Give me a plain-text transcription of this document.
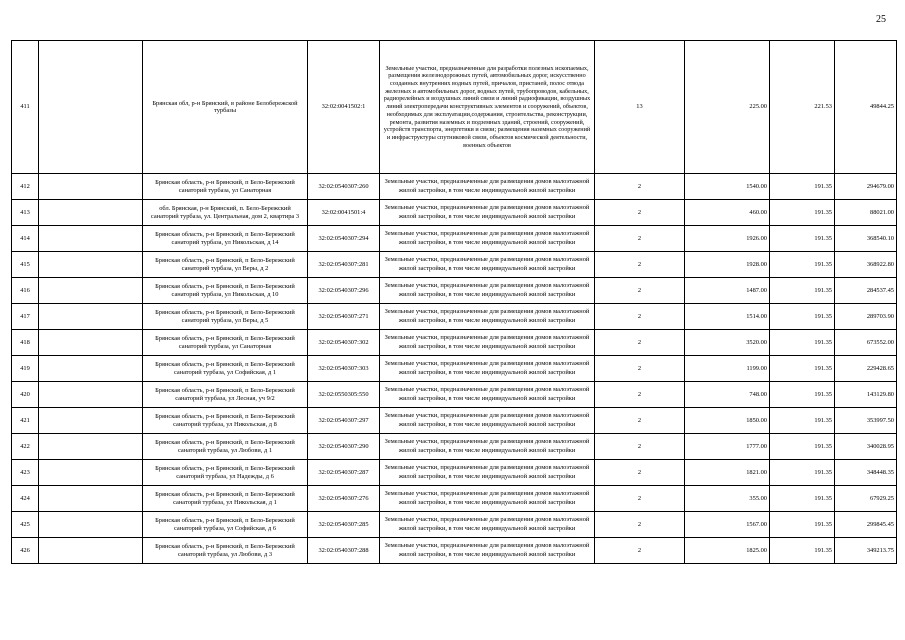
25
411		Брянская обл, р-н Брянский, в районе Белобережской турбазы	32:02:0041502:1	Земельные участки, предназначенные для разработки полезных ископаемых, размещения железнодорожных путей, автомобильных дорог, искусственно созданных внутренних водных путей, причалов, пристаней, полос отвода железных и автомобильных дорог, водных путей, трубопроводов, кабельных, радиорелейных и воздушных линий связи и линий радиофикации, воздушных линий электропередачи конструктивных элементов и сооружений, объектов, необходимых для эксплуатации,содержания, строительства, реконструкции, ремонта, развития наземных и подземных зданий, строений, сооружений, устройств транспорта, энергетики и связи; размещения наземных сооружений и инфраструктуры спутниковой связи, объектов космической деятельности, военных объектов	13	225.00	221.53	49844.25
412		Брянская область, р-н Брянский, п Бело-Бережский санаторий турбаза, ул Санаторная	32:02:0540307:260	Земельные участки, предназначенные для размещения домов малоэтажной жилой застройки, в том числе индивидуальной жилой застройки	2	1540.00	191.35	294679.00
413		обл. Брянская, р-н Брянский, п. Бело-Бережский санаторий турбаза, ул. Центральная, дом 2, квартира 3	32:02:0041501:4	Земельные участки, предназначенные для размещения домов малоэтажной жилой застройки, в том числе индивидуальной жилой застройки	2	460.00	191.35	88021.00
414		Брянская область, р-н Брянский, п Бело-Бережский санаторий турбаза, ул Никольская, д 14	32:02:0540307:294	Земельные участки, предназначенные для размещения домов малоэтажной жилой застройки, в том числе индивидуальной жилой застройки	2	1926.00	191.35	368540.10
415		Брянская область, р-н Брянский, п Бело-Бережский санаторий турбаза, ул Веры, д 2	32:02:0540307:281	Земельные участки, предназначенные для размещения домов малоэтажной жилой застройки, в том числе индивидуальной жилой застройки	2	1928.00	191.35	368922.80
416		Брянская область, р-н Брянский, п Бело-Бережский санаторий турбаза, ул Никольская, д 10	32:02:0540307:296	Земельные участки, предназначенные для размещения домов малоэтажной жилой застройки, в том числе индивидуальной жилой застройки	2	1487.00	191.35	284537.45
417		Брянская область, р-н Брянский, п Бело-Бережский санаторий турбаза, ул Веры, д 5	32:02:0540307:271	Земельные участки, предназначенные для размещения домов малоэтажной жилой застройки, в том числе индивидуальной жилой застройки	2	1514.00	191.35	289703.90
418		Брянская область, р-н Брянский, п Бело-Бережский санаторий турбаза, ул Санаторная	32:02:0540307:302	Земельные участки, предназначенные для размещения домов малоэтажной жилой застройки, в том числе индивидуальной жилой застройки	2	3520.00	191.35	673552.00
419		Брянская область, р-н Брянский, п Бело-Бережский санаторий турбаза, ул Софийская, д 1	32:02:0540307:303	Земельные участки, предназначенные для размещения домов малоэтажной жилой застройки, в том числе индивидуальной жилой застройки	2	1199.00	191.35	229428.65
420		Брянская область, р-н Брянский, п Бело-Бережский санаторий турбаза, ул Лесная, уч 9/2	32:02:0550305:550	Земельные участки, предназначенные для размещения домов малоэтажной жилой застройки, в том числе индивидуальной жилой застройки	2	748.00	191.35	143129.80
421		Брянская область, р-н Брянский, п Бело-Бережский санаторий турбаза, ул Никольская, д 8	32:02:0540307:297	Земельные участки, предназначенные для размещения домов малоэтажной жилой застройки, в том числе индивидуальной жилой застройки	2	1850.00	191.35	353997.50
422		Брянская область, р-н Брянский, п Бело-Бережский санаторий турбаза, ул Любови, д 1	32:02:0540307:290	Земельные участки, предназначенные для размещения домов малоэтажной жилой застройки, в том числе индивидуальной жилой застройки	2	1777.00	191.35	340028.95
423		Брянская область, р-н Брянский, п Бело-Бережский санаторий турбаза, ул Надежды, д 6	32:02:0540307:287	Земельные участки, предназначенные для размещения домов малоэтажной жилой застройки, в том числе индивидуальной жилой застройки	2	1821.00	191.35	348448.35
424		Брянская область, р-н Брянский, п Бело-Бережский санаторий турбаза, ул Никольская, д 1	32:02:0540307:276	Земельные участки, предназначенные для размещения домов малоэтажной жилой застройки, в том числе индивидуальной жилой застройки	2	355.00	191.35	67929.25
425		Брянская область, р-н Брянский, п Бело-Бережский санаторий турбаза, ул Софийская, д 6	32:02:0540307:285	Земельные участки, предназначенные для размещения домов малоэтажной жилой застройки, в том числе индивидуальной жилой застройки	2	1567.00	191.35	299845.45
426		Брянская область, р-н Брянский, п Бело-Бережский санаторий турбаза, ул Любови, д 3	32:02:0540307:288	Земельные участки, предназначенные для размещения домов малоэтажной жилой застройки, в том числе индивидуальной жилой застройки	2	1825.00	191.35	349213.75
